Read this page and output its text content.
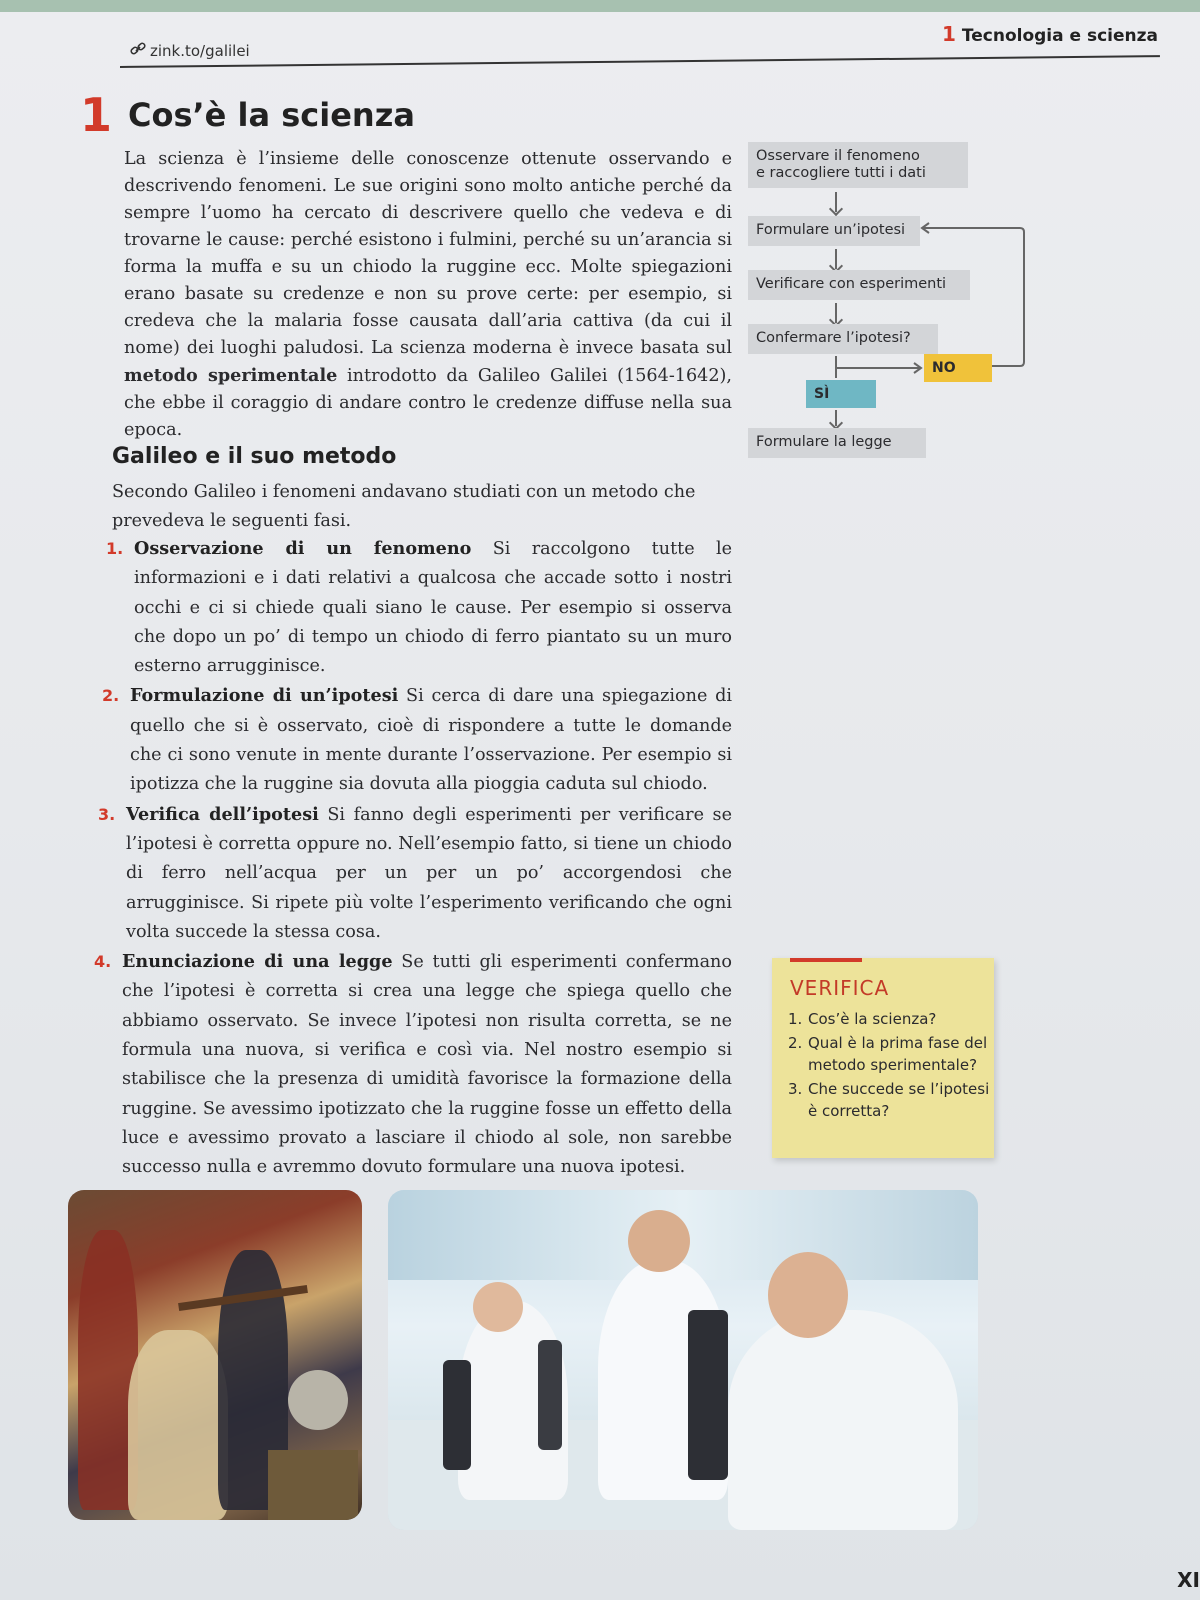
zink.to/galilei
1 Tecnologia e scienza
1 Cos’è la scienza
La scienza è l’insieme delle conoscenze ottenute osservando e descrivendo fenomeni. Le sue origini sono molto antiche perché da sempre l’uomo ha cercato di descrivere quello che vedeva e di trovarne le cause: perché esistono i fulmini, perché su un’arancia si forma la muffa e su un chiodo la ruggine ecc. Molte spiegazioni erano basate su credenze e non su prove certe: per esempio, si credeva che la malaria fosse causata dall’aria cattiva (da cui il nome) dei luoghi paludosi. La scienza moderna è invece basata sul metodo sperimentale introdotto da Galileo Galilei (1564-1642), che ebbe il coraggio di andare contro le credenze diffuse nella sua epoca.
Galileo e il suo metodo
Secondo Galileo i fenomeni andavano studiati con un metodo che prevedeva le seguenti fasi.
1. Osservazione di un fenomeno Si raccolgono tutte le informazioni e i dati relativi a qualcosa che accade sotto i nostri occhi e ci si chiede quali siano le cause. Per esempio si osserva che dopo un po’ di tempo un chiodo di ferro piantato su un muro esterno arrugginisce.
2. Formulazione di un’ipotesi Si cerca di dare una spiegazione di quello che si è osservato, cioè di rispondere a tutte le domande che ci sono venute in mente durante l’osservazione. Per esempio si ipotizza che la ruggine sia dovuta alla pioggia caduta sul chiodo.
3. Verifica dell’ipotesi Si fanno degli esperimenti per verificare se l’ipotesi è corretta oppure no. Nell’esempio fatto, si tiene un chiodo di ferro nell’acqua per un per un po’ accorgendosi che arrugginisce. Si ripete più volte l’esperimento verificando che ogni volta succede la stessa cosa.
4. Enunciazione di una legge Se tutti gli esperimenti confermano che l’ipotesi è corretta si crea una legge che spiega quello che abbiamo osservato. Se invece l’ipotesi non risulta corretta, se ne formula una nuova, si verifica e così via. Nel nostro esempio si stabilisce che la presenza di umidità favorisce la formazione della ruggine. Se avessimo ipotizzato che la ruggine fosse un effetto della luce e avessimo provato a lasciare il chiodo al sole, non sarebbe successo nulla e avremmo dovuto formulare una nuova ipotesi.
Osservare il fenomeno
e raccogliere tutti i dati
Formulare un’ipotesi
Verificare con esperimenti
Confermare l’ipotesi?
NO
SÌ
Formulare la legge
VERIFICA
1. Cos’è la scienza?
2. Qual è la prima fase del metodo sperimentale?
3. Che succede se l’ipotesi è corretta?
XI
